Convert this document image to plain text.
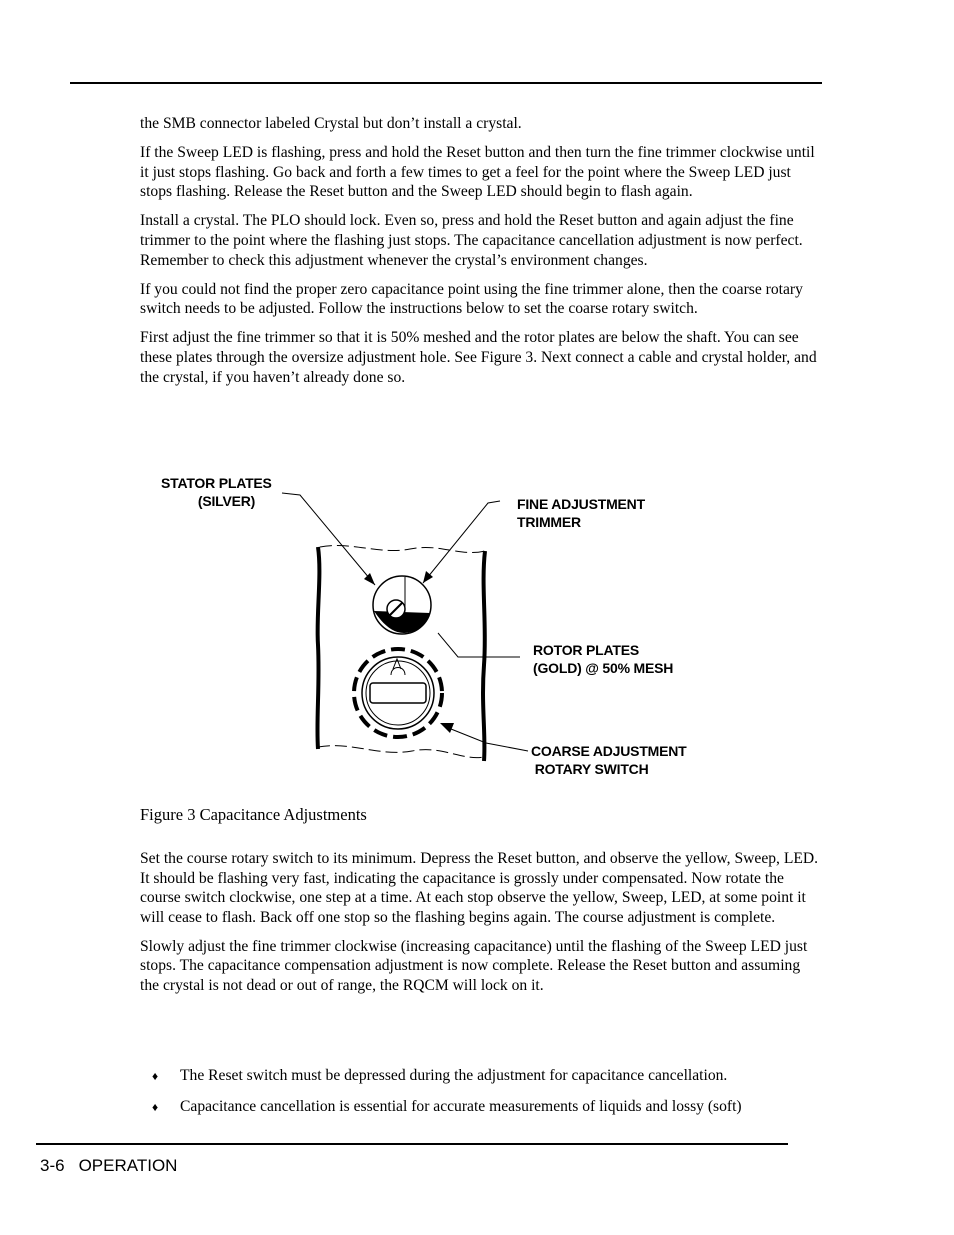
the SMB connector labeled Crystal but don’t install a crystal.

If the Sweep LED is flashing, press and hold the Reset button and then turn the fine trimmer clockwise until it just stops flashing. Go back and forth a few times to get a feel for the point where the Sweep LED just stops flashing. Release the Reset button and the Sweep LED should begin to flash again.

Install a crystal. The PLO should lock. Even so, press and hold the Reset button and again adjust the fine trimmer to the point where the flashing just stops. The capacitance cancellation adjustment is now perfect. Remember to check this adjustment whenever the crystal’s environment changes.

If you could not find the proper zero capacitance point using the fine trimmer alone, then the coarse rotary switch needs to be adjusted. Follow the instructions below to set the coarse rotary switch.

First adjust the fine trimmer so that it is 50% meshed and the rotor plates are below the shaft. You can see these plates through the oversize adjustment hole. See Figure 3. Next connect a cable and crystal holder, and the crystal, if you haven’t already done so.

STATOR PLATES
(SILVER)	FINE ADJUSTMENT
TRIMMER
ROTOR PLATES
(GOLD) @ 50% MESH
COARSE ADJUSTMENT
ROTARY SWITCH
Figure 3 Capacitance Adjustments

Set the course rotary switch to its minimum. Depress the Reset button, and observe the yellow, Sweep, LED. It should be flashing very fast, indicating the capacitance is grossly under compensated. Now rotate the course switch clockwise, one step at a time. At each stop observe the yellow, Sweep, LED, at some point it will cease to flash. Back off one stop so the flashing begins again. The course adjustment is complete.

Slowly adjust the fine trimmer clockwise (increasing capacitance) until the flashing of the Sweep LED just stops. The capacitance compensation adjustment is now complete. Release the Reset button and assuming the crystal is not dead or out of range, the RQCM will lock on it.

♦ The Reset switch must be depressed during the adjustment for capacitance cancellation.
♦ Capacitance cancellation is essential for accurate measurements of liquids and lossy (soft)
3-6 OPERATION
